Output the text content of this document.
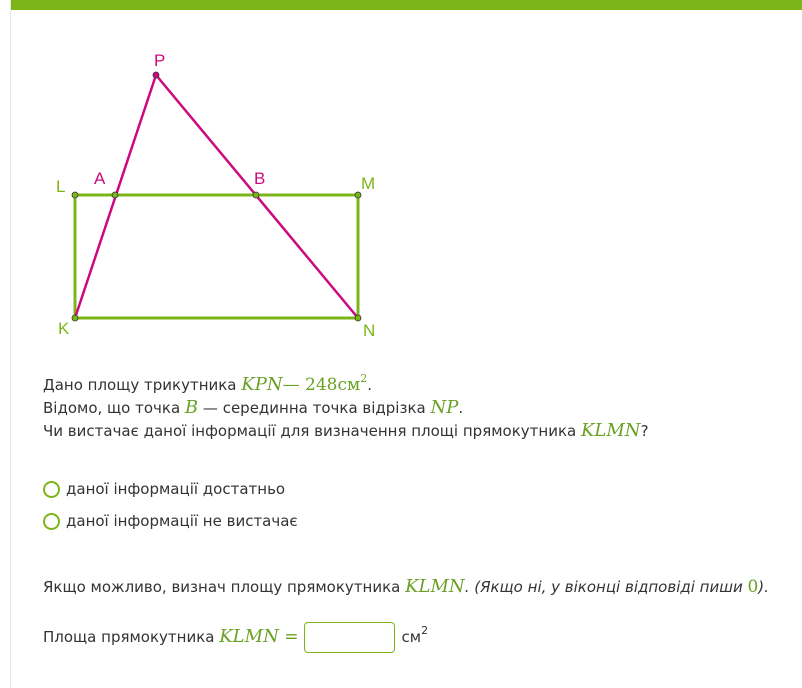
P
A	B
L	M
K	N
Дано площу трикутника KPN— $248см^2$.
Відомо, що точка B — серединна точка відрізка NP.
Чи вистачає даної інформації для визначення площі прямокутника KLMN?
даної інформації достатньо
даної інформації не вистачає
Якщо можливо, визнач площу прямокутника KLMN. (Якщо ні, у віконці відповіді пиши 0).
Площа прямокутника KLMN =	$см^2$
